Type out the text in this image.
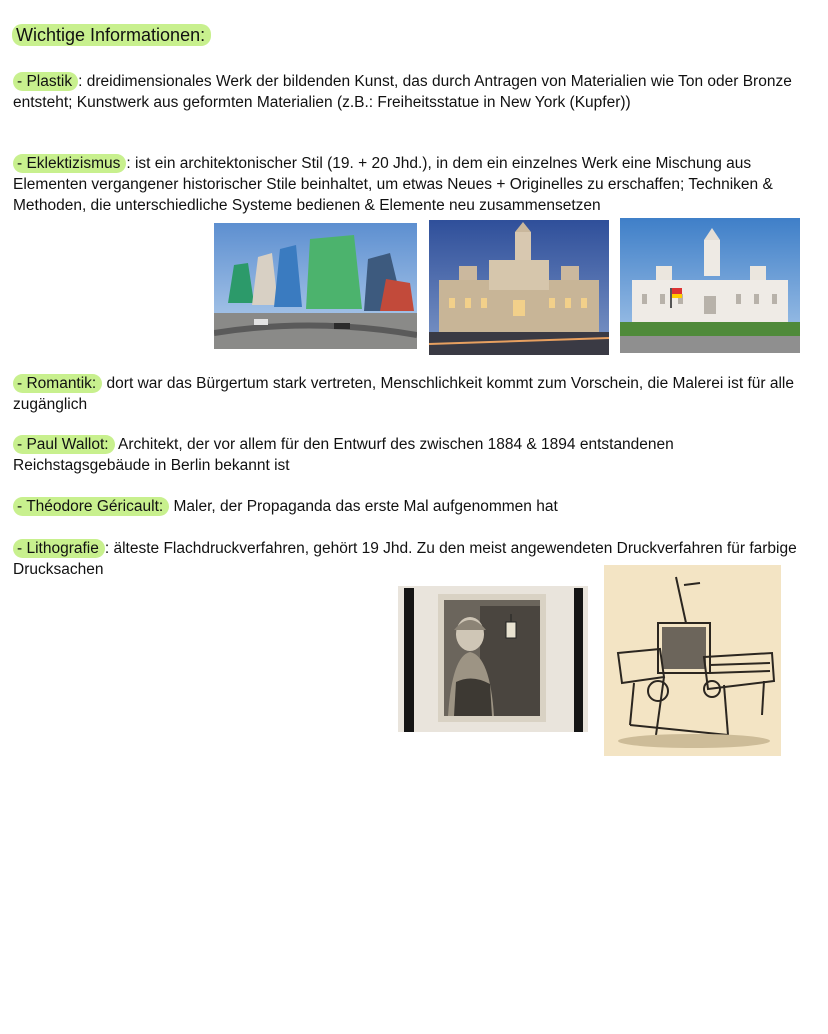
Wichtige Informationen:
- Plastik : dreidimensionales Werk der bildenden Kunst, das durch Antragen von Materialien wie Ton oder Bronze entsteht; Kunstwerk aus geformten Materialien (z.B.: Freiheitsstatue in New York (Kupfer))
- Eklektizismus : ist ein architektonischer Stil (19. + 20 Jhd.), in dem ein einzelnes Werk eine Mischung aus Elementen vergangener historischer Stile beinhaltet, um etwas Neues + Originelles zu erschaffen; Techniken & Methoden, die unterschiedliche Systeme bedienen & Elemente neu zusammensetzen
- Romantik: dort war das Bürgertum stark vertreten, Menschlichkeit kommt zum Vorschein, die Malerei ist für alle zugänglich
- Paul Wallot: Architekt, der vor allem für den Entwurf des zwischen 1884 & 1894 entstandenen Reichstagsgebäude in Berlin bekannt ist
- Théodore Géricault: Maler, der Propaganda das erste Mal aufgenommen hat
- Lithografie : älteste Flachdruckverfahren, gehört 19 Jhd. Zu den meist angewendeten Druckverfahren für farbige Drucksachen
